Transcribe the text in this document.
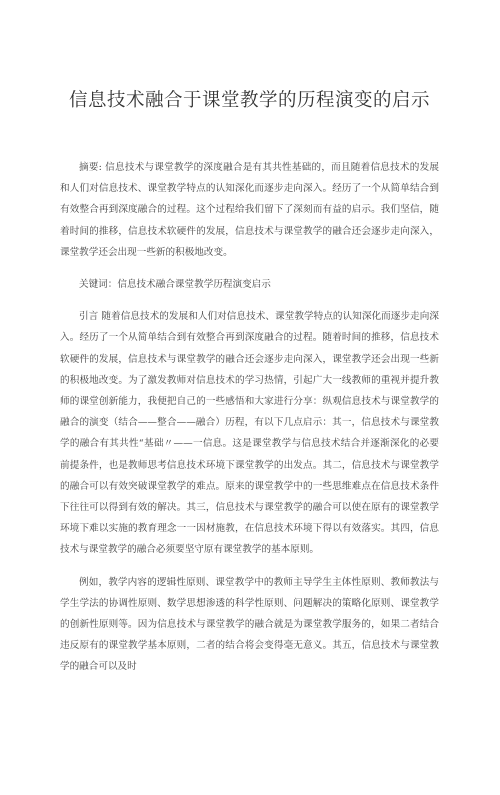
信息技术融合于课堂教学的历程演变的启示

摘要: 信息技术与课堂教学的深度融合是有其共性基础的，而且随着信息技术的发展和人们对信息技术、课堂教学特点的认知深化而逐步走向深入。经历了一个从简单结合到有效整合再到深度融合的过程。这个过程给我们留下了深刻而有益的启示。我们坚信，随着时间的推移，信息技术软硬件的发展，信息技术与课堂教学的融合还会逐步走向深入，课堂教学还会出现一些新的积极地改变。

关键词：信息技术融合课堂教学历程演变启示

引言 随着信息技术的发展和人们对信息技术、课堂教学特点的认知深化而逐步走向深入。经历了一个从简单结合到有效整合再到深度融合的过程。随着时间的推移，信息技术软硬件的发展，信息技术与课堂教学的融合还会逐步走向深入，课堂教学还会出现一些新的积极地改变。为了激发教师对信息技术的学习热情，引起广大一线教师的重视并提升教师的课堂创新能力，我便把自己的一些感悟和大家进行分享：纵观信息技术与课堂教学的融合的演变（结合——整合——融合）历程，有以下几点启示：其一，信息技术与课堂教学的融合有其共性“基础〃——一信息。这是课堂教学与信息技术结合并逐渐深化的必要前提条件，也是教师思考信息技术环境下课堂教学的出发点。其二，信息技术与课堂教学的融合可以有效突破课堂教学的难点。原来的课堂教学中的一些思维难点在信息技术条件下往往可以得到有效的解决。其三，信息技术与课堂教学的融合可以使在原有的课堂教学环境下难以实施的教育理念一一因材施教，在信息技术环境下得以有效落实。其四，信息技术与课堂教学的融合必须要坚守原有课堂教学的基本原则。

例如，教学内容的逻辑性原则、课堂教学中的教师主导学生主体性原则、教师教法与学生学法的协调性原则、数学思想渗透的科学性原则、问题解决的策略化原则、课堂教学的创新性原则等。因为信息技术与课堂教学的融合就是为课堂教学服务的，如果二者结合违反原有的课堂教学基本原则，二者的结合将会变得毫无意义。其五，信息技术与课堂教学的融合可以及时
